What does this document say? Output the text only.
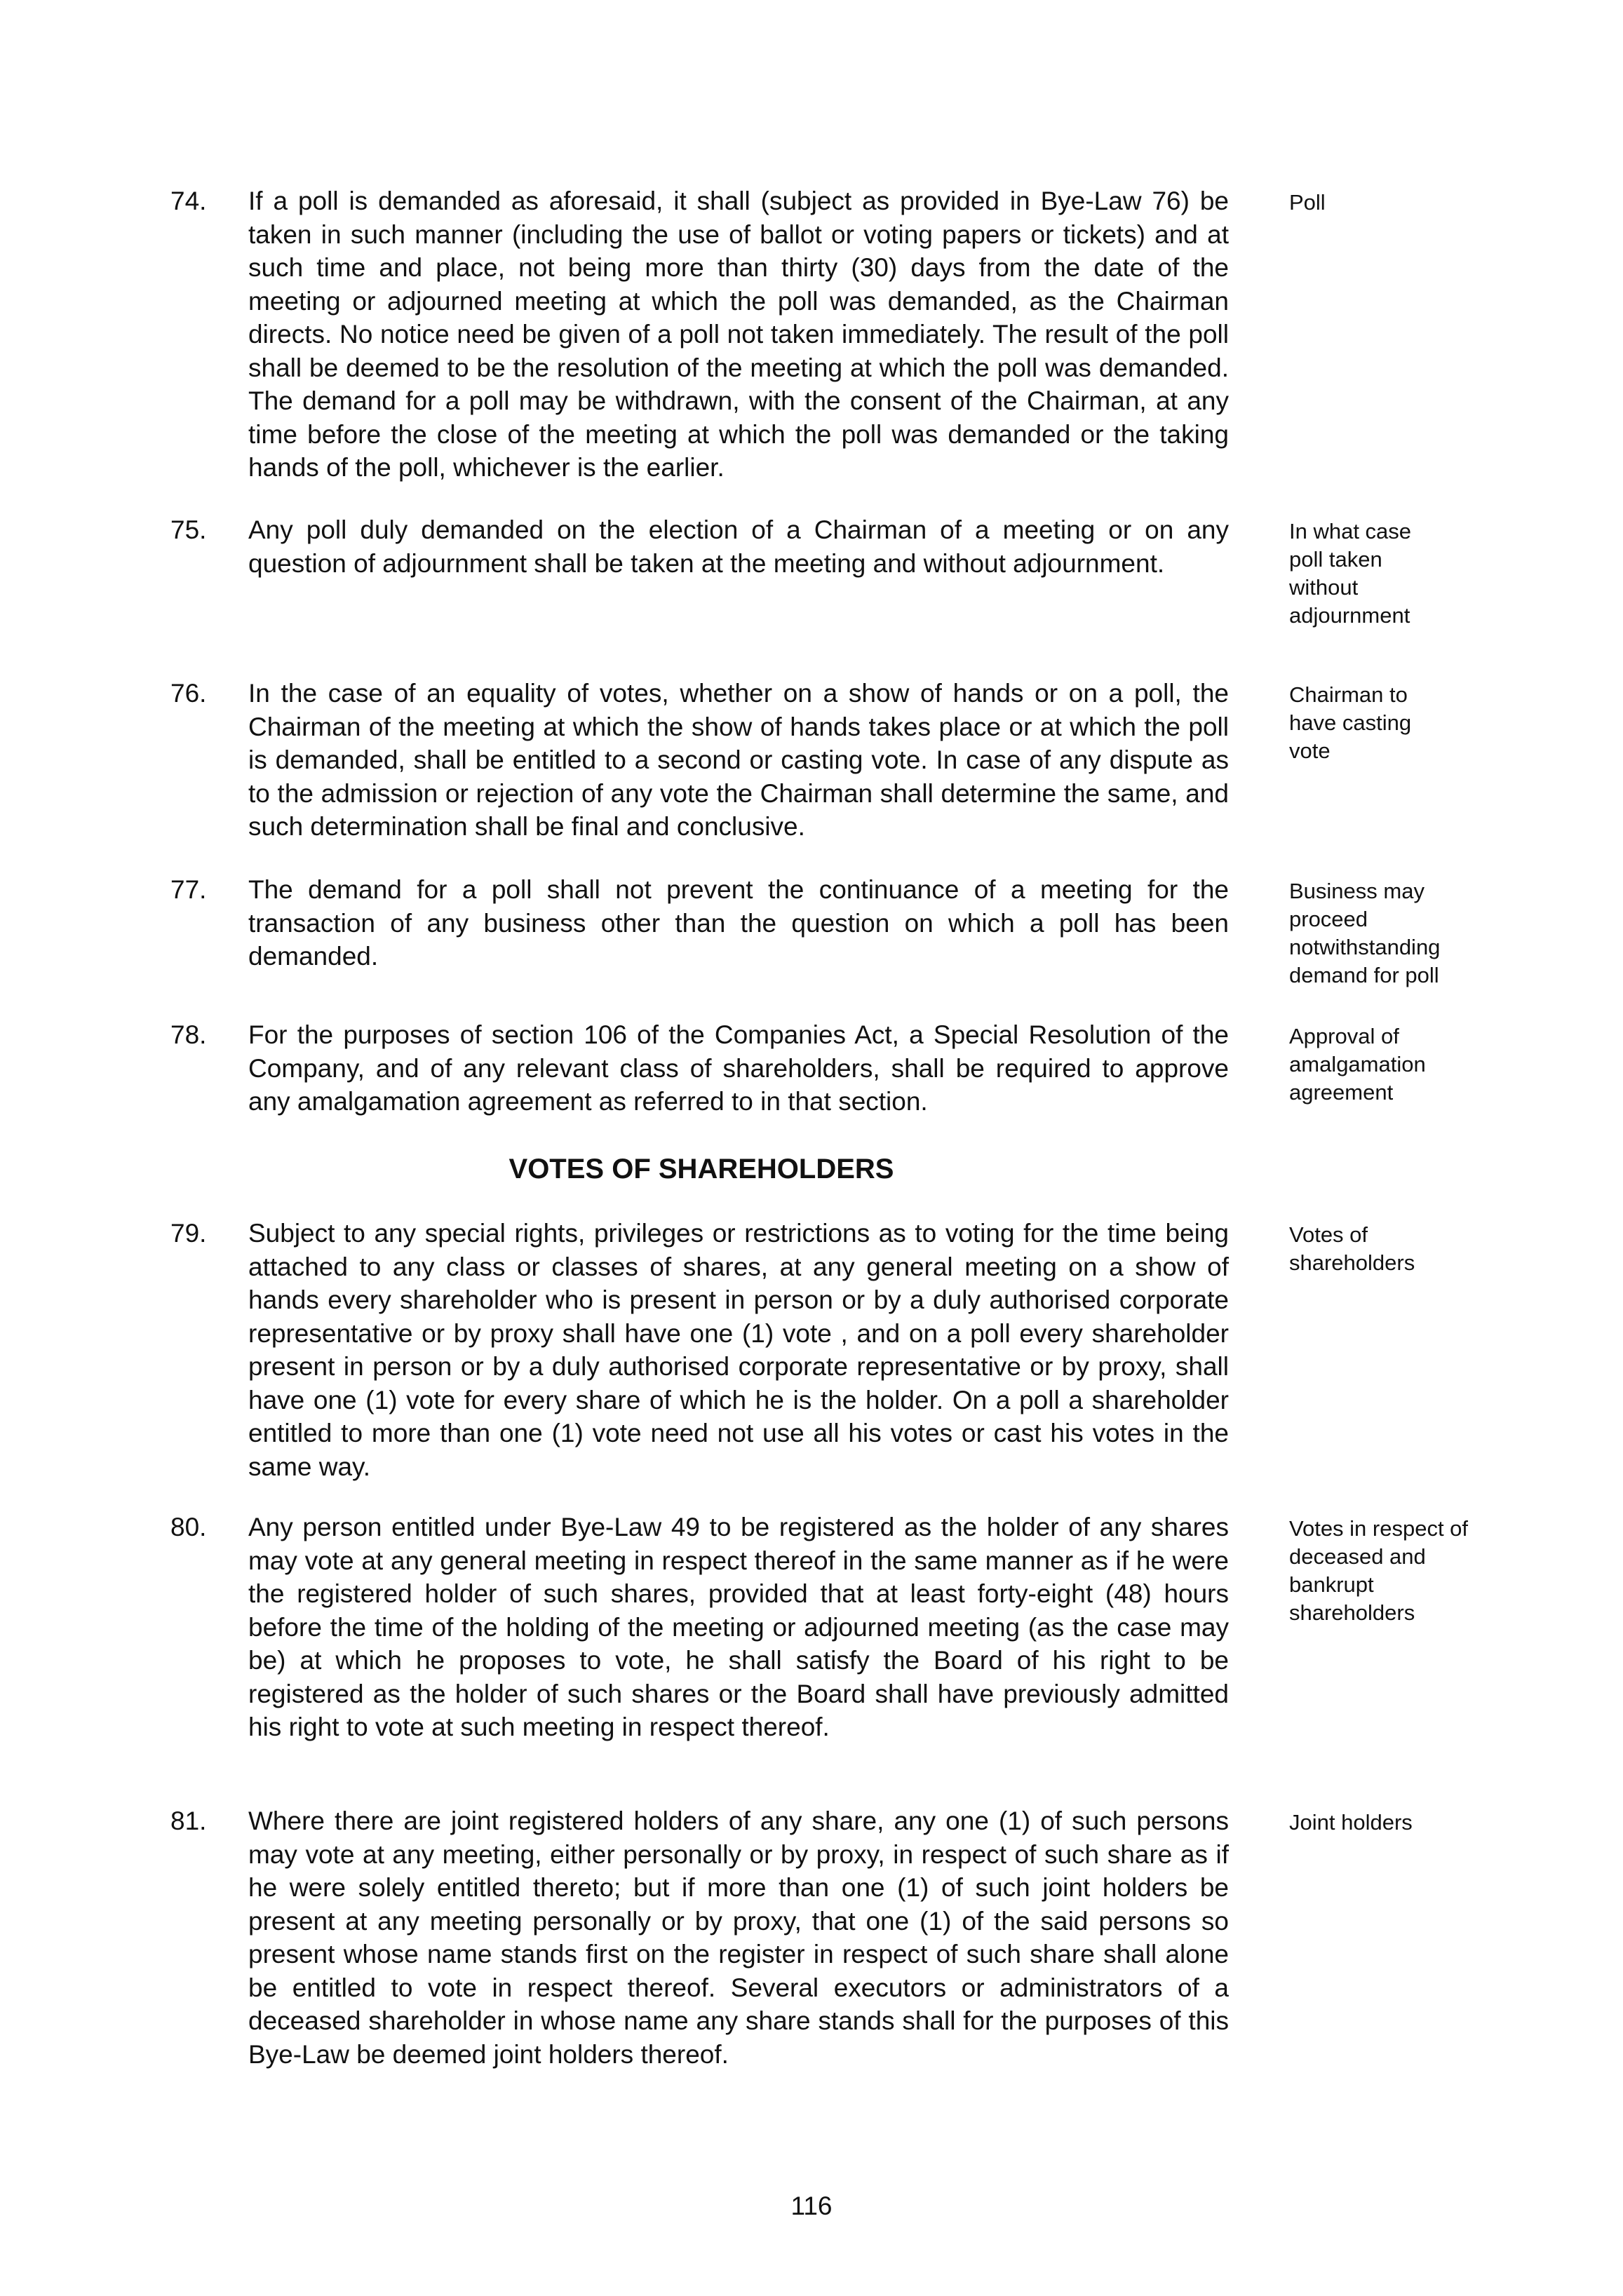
74. If a poll is demanded as aforesaid, it shall (subject as provided in Bye-Law 76) be taken in such manner (including the use of ballot or voting papers or tickets) and at such time and place, not being more than thirty (30) days from the date of the meeting or adjourned meeting at which the poll was demanded, as the Chairman directs. No notice need be given of a poll not taken immediately. The result of the poll shall be deemed to be the resolution of the meeting at which the poll was demanded. The demand for a poll may be withdrawn, with the consent of the Chairman, at any time before the close of the meeting at which the poll was demanded or the taking hands of the poll, whichever is the earlier.

Poll

75. Any poll duly demanded on the election of a Chairman of a meeting or on any question of adjournment shall be taken at the meeting and without adjournment.

In what case poll taken without adjournment

76. In the case of an equality of votes, whether on a show of hands or on a poll, the Chairman of the meeting at which the show of hands takes place or at which the poll is demanded, shall be entitled to a second or casting vote. In case of any dispute as to the admission or rejection of any vote the Chairman shall determine the same, and such determination shall be final and conclusive.

Chairman to have casting vote

77. The demand for a poll shall not prevent the continuance of a meeting for the transaction of any business other than the question on which a poll has been demanded.

Business may proceed notwithstanding demand for poll

78. For the purposes of section 106 of the Companies Act, a Special Resolution of the Company, and of any relevant class of shareholders, shall be required to approve any amalgamation agreement as referred to in that section.

Approval of amalgamation agreement

VOTES OF SHAREHOLDERS
79. Subject to any special rights, privileges or restrictions as to voting for the time being attached to any class or classes of shares, at any general meeting on a show of hands every shareholder who is present in person or by a duly authorised corporate representative or by proxy shall have one (1) vote , and on a poll every shareholder present in person or by a duly authorised corporate representative or by proxy, shall have one (1) vote for every share of which he is the holder. On a poll a shareholder entitled to more than one (1) vote need not use all his votes or cast his votes in the same way.

Votes of shareholders

80. Any person entitled under Bye-Law 49 to be registered as the holder of any shares may vote at any general meeting in respect thereof in the same manner as if he were the registered holder of such shares, provided that at least forty-eight (48) hours before the time of the holding of the meeting or adjourned meeting (as the case may be) at which he proposes to vote, he shall satisfy the Board of his right to be registered as the holder of such shares or the Board shall have previously admitted his right to vote at such meeting in respect thereof.

Votes in respect of deceased and bankrupt shareholders

81. Where there are joint registered holders of any share, any one (1) of such persons may vote at any meeting, either personally or by proxy, in respect of such share as if he were solely entitled thereto; but if more than one (1) of such joint holders be present at any meeting personally or by proxy, that one (1) of the said persons so present whose name stands first on the register in respect of such share shall alone be entitled to vote in respect thereof. Several executors or administrators of a deceased shareholder in whose name any share stands shall for the purposes of this Bye-Law be deemed joint holders thereof.

Joint holders

116
